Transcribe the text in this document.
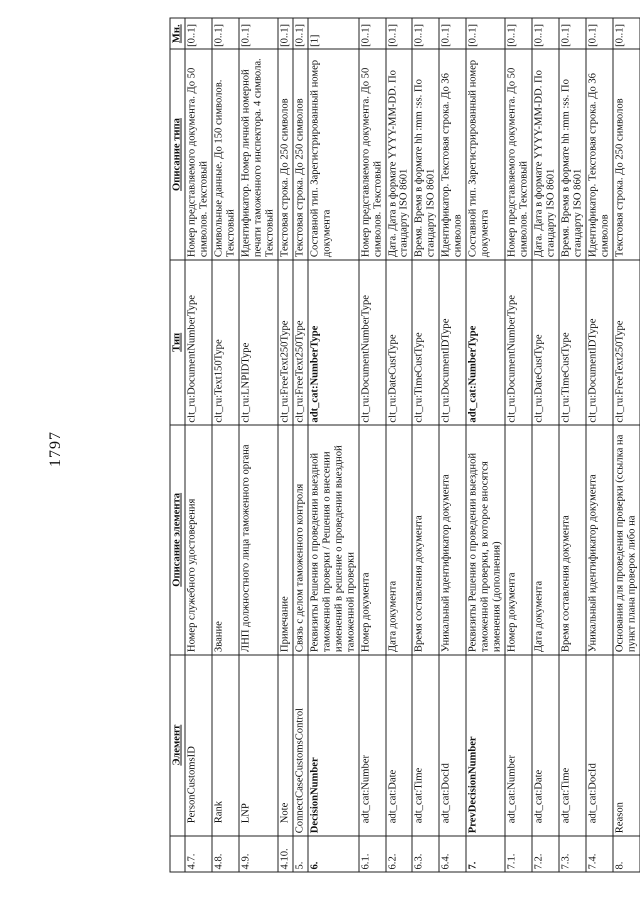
1797
	Элемент	Описание элемента	Тип	Описание типа	Мн.
4.7.	PersonCustomsID	Номер служебного удостоверения	clt_ru:DocumentNumberType	Номер представляемого документа. До 50 символов. Текстовый	[0..1]
4.8.	Rank	Звание	clt_ru:Text150Type	Символьные данные. До 150 символов. Текстовый	[0..1]
4.9.	LNP	ЛНП должностного лица таможенного органа	clt_ru:LNPIDType	Идентификатор. Номер личной номерной печати таможенного инспектора. 4 символа. Текстовый	[0..1]
4.10.	Note	Примечание	clt_ru:FreeText250Type	Текстовая строка. До 250 символов	[0..1]
5.	ConnectCaseCustomsControl	Связь с делом таможенного контроля	clt_ru:FreeText250Type	Текстовая строка. До 250 символов	[0..1]
6.	DecisionNumber	Реквизиты Решения о проведении выездной таможенной проверки / Решения о внесении изменений в решение о проведении выездной таможенной проверки	adt_cat:NumberType	Составной тип. Зарегистрированный номер документа	[1]
6.1.	adt_cat:Number	Номер документа	clt_ru:DocumentNumberType	Номер представляемого документа. До 50 символов. Текстовый	[0..1]
6.2.	adt_cat:Date	Дата документа	clt_ru:DateCustType	Дата. Дата в формате YYYY-MM-DD. По стандарту ISO 8601	[0..1]
6.3.	adt_cat:Time	Время составления документа	clt_ru:TimeCustType	Время. Время в формате hh :mm :ss. По стандарту ISO 8601	[0..1]
6.4.	adt_cat:DocId	Уникальный идентификатор документа	clt_ru:DocumentIDType	Идентификатор. Текстовая строка. До 36 символов	[0..1]
7.	PrevDecisionNumber	Реквизиты Решения о проведении выездной таможенной проверки, в которое вносятся изменения (дополнения)	adt_cat:NumberType	Составной тип. Зарегистрированный номер документа	[0..1]
7.1.	adt_cat:Number	Номер документа	clt_ru:DocumentNumberType	Номер представляемого документа. До 50 символов. Текстовый	[0..1]
7.2.	adt_cat:Date	Дата документа	clt_ru:DateCustType	Дата. Дата в формате YYYY-MM-DD. По стандарту ISO 8601	[0..1]
7.3.	adt_cat:Time	Время составления документа	clt_ru:TimeCustType	Время. Время в формате hh :mm :ss. По стандарту ISO 8601	[0..1]
7.4.	adt_cat:DocId	Уникальный идентификатор документа	clt_ru:DocumentIDType	Идентификатор. Текстовая строка. До 36 символов	[0..1]
8.	Reason	Основания для проведения проверки (ссылка на пункт плана проверок либо на	clt_ru:FreeText250Type	Текстовая строка. До 250 символов	[0..1]
